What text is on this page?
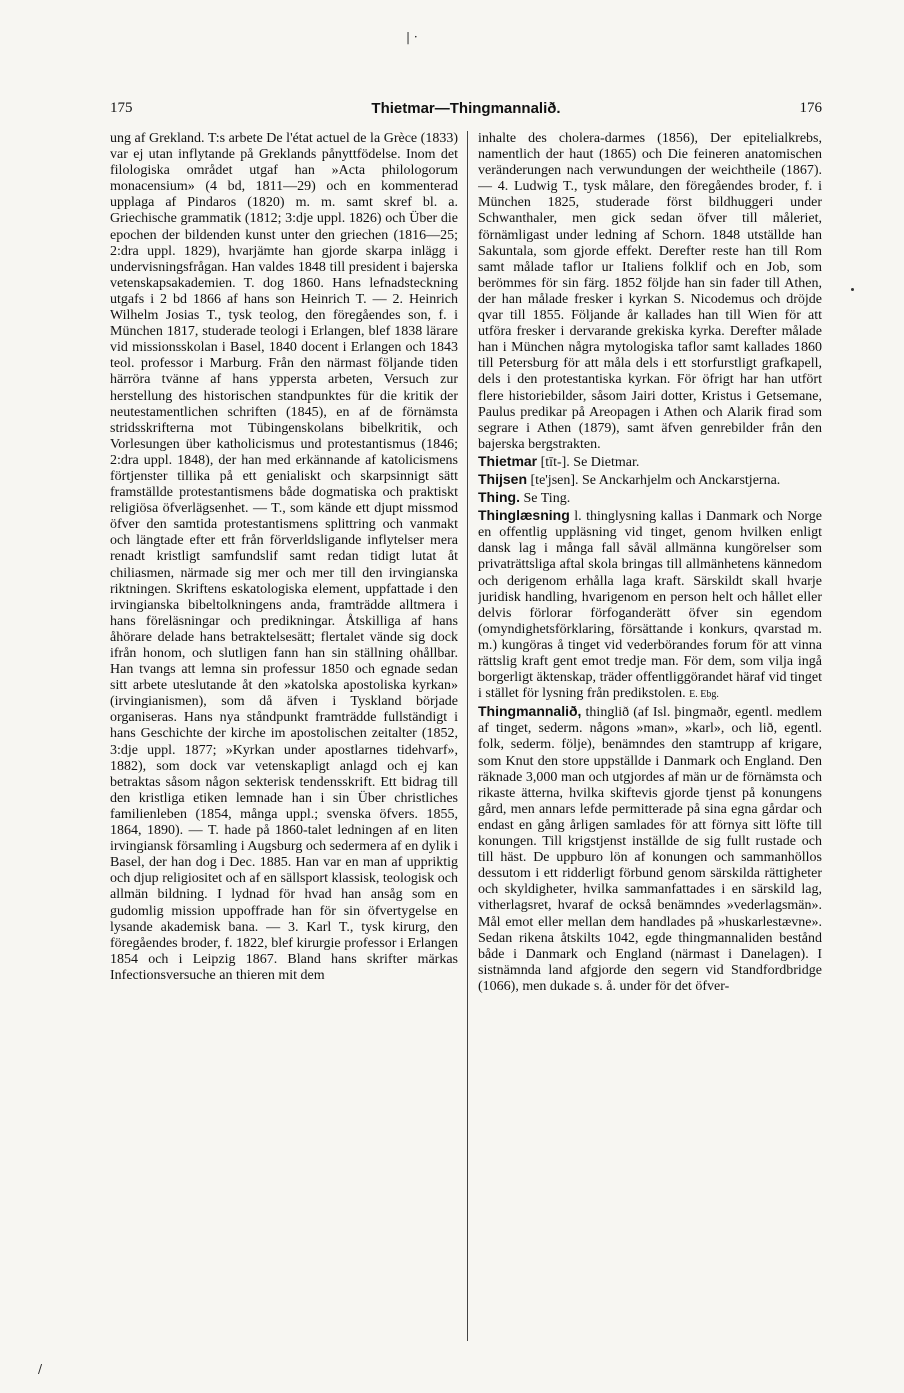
| ·
175	Thietmar—Thingmannalið.	176

ung af Grekland. T:s arbete De l'état actuel de la Grèce (1833) var ej utan inflytande på Greklands pånyttfödelse. Inom det filologiska området utgaf han »Acta philologorum monacensium» (4 bd, 1811—29) och en kommenterad upplaga af Pindaros (1820) m. m. samt skref bl. a. Griechische grammatik (1812; 3:dje uppl. 1826) och Über die epochen der bildenden kunst unter den griechen (1816—25; 2:dra uppl. 1829), hvarjämte han gjorde skarpa inlägg i undervisningsfrågan. Han valdes 1848 till president i bajerska vetenskapsakademien. T. dog 1860. Hans lefnadsteckning utgafs i 2 bd 1866 af hans son Heinrich T. — 2. Heinrich Wilhelm Josias T., tysk teolog, den föregåendes son, f. i München 1817, studerade teologi i Erlangen, blef 1838 lärare vid missionsskolan i Basel, 1840 docent i Erlangen och 1843 teol. professor i Marburg. Från den närmast följande tiden härröra tvänne af hans yppersta arbeten, Versuch zur herstellung des historischen standpunktes für die kritik der neutestamentlichen schriften (1845), en af de förnämsta stridsskrifterna mot Tübingenskolans bibelkritik, och Vorlesungen über katholicismus und protestantismus (1846; 2:dra uppl. 1848), der han med erkännande af katolicismens förtjenster tillika på ett genialiskt och skarpsinnigt sätt framställde protestantismens både dogmatiska och praktiskt religiösa öfverlägsenhet. — T., som kände ett djupt missmod öfver den samtida protestantismens splittring och vanmakt och längtade efter ett från förverldsligande inflytelser mera renadt kristligt samfundslif samt redan tidigt lutat åt chiliasmen, närmade sig mer och mer till den irvingianska riktningen. Skriftens eskatologiska element, uppfattade i den irvingianska bibeltolkningens anda, framträdde alltmera i hans föreläsningar och predikningar. Åtskilliga af hans åhörare delade hans betraktelsesätt; flertalet vände sig dock ifrån honom, och slutligen fann han sin ställning ohållbar. Han tvangs att lemna sin professur 1850 och egnade sedan sitt arbete uteslutande åt den »katolska apostoliska kyrkan» (irvingianismen), som då äfven i Tyskland började organiseras. Hans nya ståndpunkt framträdde fullständigt i hans Geschichte der kirche im apostolischen zeitalter (1852, 3:dje uppl. 1877; »Kyrkan under apostlarnes tidehvarf», 1882), som dock var vetenskapligt anlagd och ej kan betraktas såsom någon sekterisk tendensskrift. Ett bidrag till den kristliga etiken lemnade han i sin Über christliches familienleben (1854, många uppl.; svenska öfvers. 1855, 1864, 1890). — T. hade på 1860-talet ledningen af en liten irvingiansk församling i Augsburg och sedermera af en dylik i Basel, der han dog i Dec. 1885. Han var en man af uppriktig och djup religiositet och af en sällsport klassisk, teologisk och allmän bildning. I lydnad för hvad han ansåg som en gudomlig mission uppoffrade han för sin öfvertygelse en lysande akademisk bana. — 3. Karl T., tysk kirurg, den föregåendes broder, f. 1822, blef kirurgie professor i Erlangen 1854 och i Leipzig 1867. Bland hans skrifter märkas Infectionsversuche an thieren mit dem

inhalte des cholera-darmes (1856), Der epitelialkrebs, namentlich der haut (1865) och Die feineren anatomischen veränderungen nach verwundungen der weichtheile (1867). — 4. Ludwig T., tysk målare, den föregåendes broder, f. i München 1825, studerade först bildhuggeri under Schwanthaler, men gick sedan öfver till måleriet, förnämligast under ledning af Schorn. 1848 utställde han Sakuntala, som gjorde effekt. Derefter reste han till Rom samt målade taflor ur Italiens folklif och en Job, som berömmes för sin färg. 1852 följde han sin fader till Athen, der han målade fresker i kyrkan S. Nicodemus och dröjde qvar till 1855. Följande år kallades han till Wien för att utföra fresker i dervarande grekiska kyrka. Derefter målade han i München några mytologiska taflor samt kallades 1860 till Petersburg för att måla dels i ett storfurstligt grafkapell, dels i den protestantiska kyrkan. För öfrigt har han utfört flere historiebilder, såsom Jairi dotter, Kristus i Getsemane, Paulus predikar på Areopagen i Athen och Alarik firad som segrare i Athen (1879), samt äfven genrebilder från den bajerska bergstrakten.

Thietmar [tīt-]. Se Dietmar.

Thijsen [te'jsen]. Se Anckarhjelm och Anckarstjerna.

Thing. Se Ting.

Thinglæsning l. thinglysning kallas i Danmark och Norge en offentlig uppläsning vid tinget, genom hvilken enligt dansk lag i många fall såväl allmänna kungörelser som privaträttsliga aftal skola bringas till allmänhetens kännedom och derigenom erhålla laga kraft. Särskildt skall hvarje juridisk handling, hvarigenom en person helt och hållet eller delvis förlorar förfoganderätt öfver sin egendom (omyndighetsförklaring, försättande i konkurs, qvarstad m. m.) kungöras å tinget vid vederbörandes forum för att vinna rättslig kraft gent emot tredje man. För dem, som vilja ingå borgerligt äktenskap, träder offentliggörandet häraf vid tinget i stället för lysning från predikstolen. E. Ebg.

Thingmannalið, thinglið (af Isl. þingmaðr, egentl. medlem af tinget, sederm. någons »man», »karl», och lið, egentl. folk, sederm. följe), benämndes den stamtrupp af krigare, som Knut den store uppställde i Danmark och England. Den räknade 3,000 man och utgjordes af män ur de förnämsta och rikaste ätterna, hvilka skiftevis gjorde tjenst på konungens gård, men annars lefde permitterade på sina egna gårdar och endast en gång årligen samlades för att förnya sitt löfte till konungen. Till krigstjenst inställde de sig fullt rustade och till häst. De uppburo lön af konungen och sammanhöllos dessutom i ett ridderligt förbund genom särskilda rättigheter och skyldigheter, hvilka sammanfattades i en särskild lag, vitherlagsret, hvaraf de också benämndes »vederlagsmän». Mål emot eller mellan dem handlades på »huskarlestævne». Sedan rikena åtskilts 1042, egde thingmannaliden bestånd både i Danmark och England (närmast i Danelagen). I sistnämnda land afgjorde den segern vid Standfordbridge (1066), men dukade s. å. under för det öfver-

/
